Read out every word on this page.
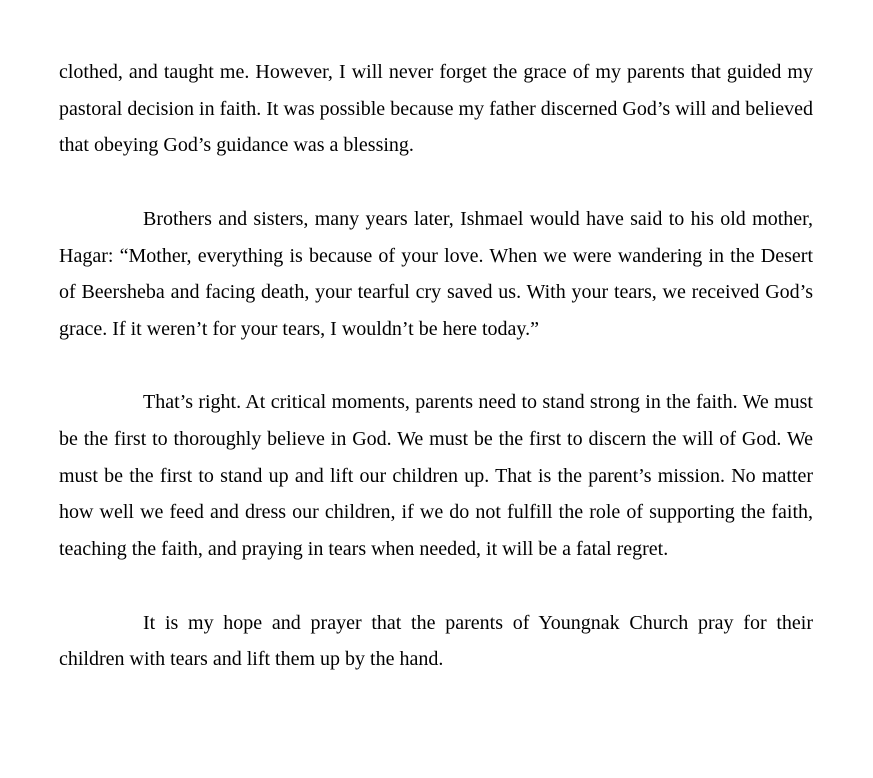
clothed, and taught me. However, I will never forget the grace of my parents that guided my pastoral decision in faith. It was possible because my father discerned God’s will and believed that obeying God’s guidance was a blessing.

Brothers and sisters, many years later, Ishmael would have said to his old mother, Hagar: “Mother, everything is because of your love. When we were wandering in the Desert of Beersheba and facing death, your tearful cry saved us. With your tears, we received God’s grace. If it weren’t for your tears, I wouldn’t be here today.”

That’s right. At critical moments, parents need to stand strong in the faith. We must be the first to thoroughly believe in God. We must be the first to discern the will of God. We must be the first to stand up and lift our children up. That is the parent’s mission. No matter how well we feed and dress our children, if we do not fulfill the role of supporting the faith, teaching the faith, and praying in tears when needed, it will be a fatal regret.

It is my hope and prayer that the parents of Youngnak Church pray for their children with tears and lift them up by the hand.
